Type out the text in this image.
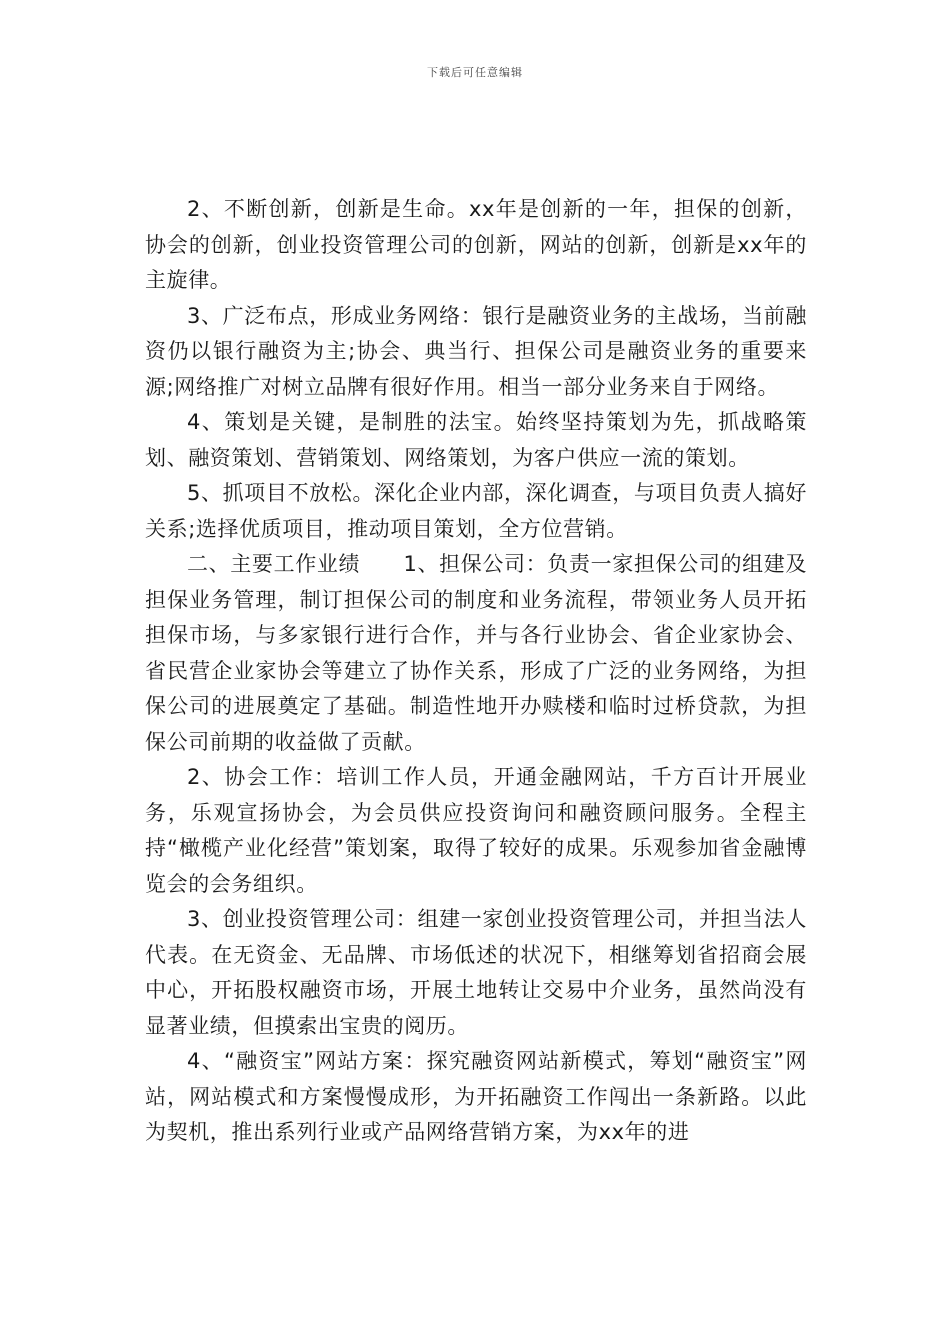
下载后可任意编辑

2、不断创新，创新是生命。xx年是创新的一年，担保的创新，协会的创新，创业投资管理公司的创新，网站的创新，创新是xx年的主旋律。

3、广泛布点，形成业务网络：银行是融资业务的主战场，当前融资仍以银行融资为主;协会、典当行、担保公司是融资业务的重要来源;网络推广对树立品牌有很好作用。相当一部分业务来自于网络。

4、策划是关键，是制胜的法宝。始终坚持策划为先，抓战略策划、融资策划、营销策划、网络策划，为客户供应一流的策划。

5、抓项目不放松。深化企业内部，深化调查，与项目负责人搞好关系;选择优质项目，推动项目策划，全方位营销。

二、主要工作业绩　　1、担保公司：负责一家担保公司的组建及担保业务管理，制订担保公司的制度和业务流程，带领业务人员开拓担保市场，与多家银行进行合作，并与各行业协会、省企业家协会、省民营企业家协会等建立了协作关系，形成了广泛的业务网络，为担保公司的进展奠定了基础。制造性地开办赎楼和临时过桥贷款，为担保公司前期的收益做了贡献。

2、协会工作：培训工作人员，开通金融网站，千方百计开展业务，乐观宣扬协会，为会员供应投资询问和融资顾问服务。全程主持“橄榄产业化经营”策划案，取得了较好的成果。乐观参加省金融博览会的会务组织。

3、创业投资管理公司：组建一家创业投资管理公司，并担当法人代表。在无资金、无品牌、市场低述的状况下，相继筹划省招商会展中心，开拓股权融资市场，开展土地转让交易中介业务，虽然尚没有显著业绩，但摸索出宝贵的阅历。

4、“融资宝”网站方案：探究融资网站新模式，筹划“融资宝”网站，网站模式和方案慢慢成形，为开拓融资工作闯出一条新路。以此为契机，推出系列行业或产品网络营销方案，为xx年的进
